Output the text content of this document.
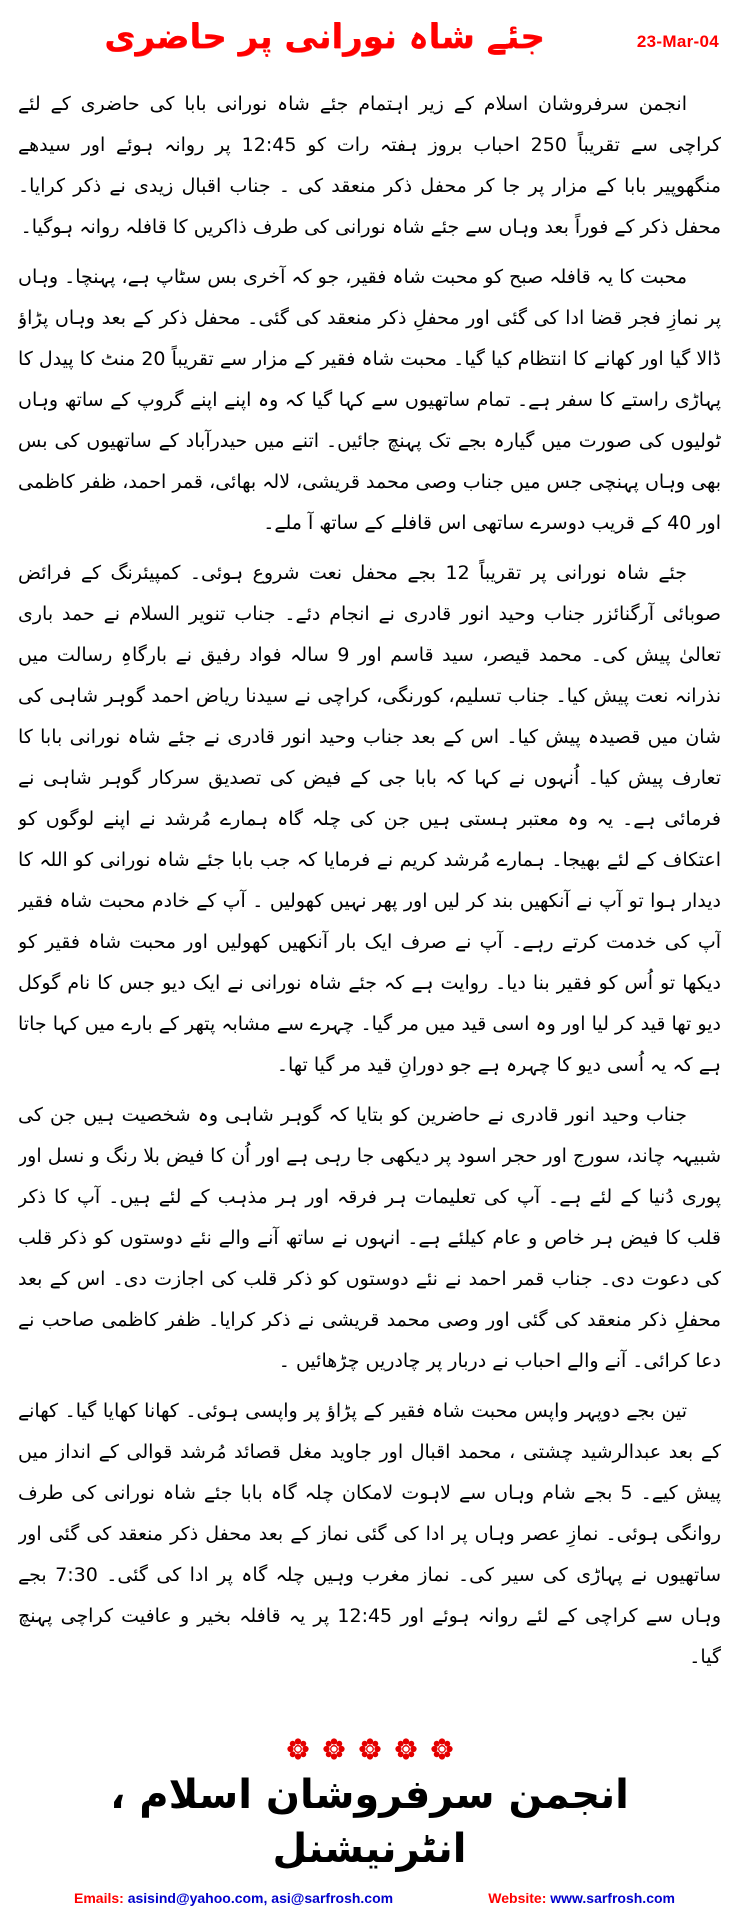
جئے شاہ نورانی پر حاضری	23-Mar-04

انجمن سرفروشان اسلام کے زیر اہتمام جئے شاہ نورانی بابا کی حاضری کے لئے کراچی سے تقریباً 250 احباب بروز ہفتہ رات کو 12:45 پر روانہ ہوئے اور سیدھے منگھوپیر بابا کے مزار پر جا کر محفل ذکر منعقد کی ۔ جناب اقبال زیدی نے ذکر کرایا۔ محفل ذکر کے فوراً بعد وہاں سے جئے شاہ نورانی کی طرف ذاکریں کا قافلہ روانہ ہوگیا۔

محبت کا یہ قافلہ صبح کو محبت شاہ فقیر، جو کہ آخری بس سٹاپ ہے، پہنچا۔ وہاں پر نمازِ فجر قضا ادا کی گئی اور محفلِ ذکر منعقد کی گئی۔ محفل ذکر کے بعد وہاں پڑاؤ ڈالا گیا اور کھانے کا انتظام کیا گیا۔ محبت شاہ فقیر کے مزار سے تقریباً 20 منٹ کا پیدل کا پہاڑی راستے کا سفر ہے۔ تمام ساتھیوں سے کہا گیا کہ وہ اپنے اپنے گروپ کے ساتھ وہاں ٹولیوں کی صورت میں گیارہ بجے تک پہنچ جائیں۔ اتنے میں حیدرآباد کے ساتھیوں کی بس بھی وہاں پہنچی جس میں جناب وصی محمد قریشی، لالہ بھائی، قمر احمد، ظفر کاظمی اور 40 کے قریب دوسرے ساتھی اس قافلے کے ساتھ آ ملے۔

جئے شاہ نورانی پر تقریباً 12 بجے محفل نعت شروع ہوئی۔ کمپیئرنگ کے فرائض صوبائی آرگنائزر جناب وحید انور قادری نے انجام دئے۔ جناب تنویر السلام نے حمد باری تعالیٰ پیش کی۔ محمد قیصر، سید قاسم اور 9 سالہ فواد رفیق نے بارگاہِ رسالت میں نذرانہ نعت پیش کیا۔ جناب تسلیم، کورنگی، کراچی نے سیدنا ریاض احمد گوہر شاہی کی شان میں قصیدہ پیش کیا۔ اس کے بعد جناب وحید انور قادری نے جئے شاہ نورانی بابا کا تعارف پیش کیا۔ اُنہوں نے کہا کہ بابا جی کے فیض کی تصدیق سرکار گوہر شاہی نے فرمائی ہے۔ یہ وہ معتبر ہستی ہیں جن کی چلہ گاہ ہمارے مُرشد نے اپنے لوگوں کو اعتکاف کے لئے بھیجا۔ ہمارے مُرشد کریم نے فرمایا کہ جب بابا جئے شاہ نورانی کو اللہ کا دیدار ہوا تو آپ نے آنکھیں بند کر لیں اور پھر نہیں کھولیں ۔ آپ کے خادم محبت شاہ فقیر آپ کی خدمت کرتے رہے۔ آپ نے صرف ایک بار آنکھیں کھولیں اور محبت شاہ فقیر کو دیکھا تو اُس کو فقیر بنا دیا۔ روایت ہے کہ جئے شاہ نورانی نے ایک دیو جس کا نام گوکل دیو تھا قید کر لیا اور وہ اسی قید میں مر گیا۔ چہرے سے مشابہ پتھر کے بارے میں کہا جاتا ہے کہ یہ اُسی دیو کا چہرہ ہے جو دورانِ قید مر گیا تھا۔

جناب وحید انور قادری نے حاضرین کو بتایا کہ گوہر شاہی وہ شخصیت ہیں جن کی شبیہہ چاند، سورج اور حجر اسود پر دیکھی جا رہی ہے اور اُن کا فیض بلا رنگ و نسل اور پوری دُنیا کے لئے ہے۔ آپ کی تعلیمات ہر فرقہ اور ہر مذہب کے لئے ہیں۔ آپ کا ذکر قلب کا فیض ہر خاص و عام کیلئے ہے۔ انہوں نے ساتھ آنے والے نئے دوستوں کو ذکر قلب کی دعوت دی۔ جناب قمر احمد نے نئے دوستوں کو ذکر قلب کی اجازت دی۔ اس کے بعد محفلِ ذکر منعقد کی گئی اور وصی محمد قریشی نے ذکر کرایا۔ ظفر کاظمی صاحب نے دعا کرائی۔ آنے والے احباب نے دربار پر چادریں چڑھائیں ۔

تین بجے دوپہر واپس محبت شاہ فقیر کے پڑاؤ پر واپسی ہوئی۔ کھانا کھایا گیا۔ کھانے کے بعد عبدالرشید چشتی ، محمد اقبال اور جاوید مغل قصائد مُرشد قوالی کے انداز میں پیش کیے۔ 5 بجے شام وہاں سے لاہوت لامکان چلہ گاہ بابا جئے شاہ نورانی کی طرف روانگی ہوئی۔ نمازِ عصر وہاں پر ادا کی گئی نماز کے بعد محفل ذکر منعقد کی گئی اور ساتھیوں نے پہاڑی کی سیر کی۔ نماز مغرب وہیں چلہ گاہ پر ادا کی گئی۔ 7:30 بجے وہاں سے کراچی کے لئے روانہ ہوئے اور 12:45 پر یہ قافلہ بخیر و عافیت کراچی پہنچ گیا۔

انجمن سرفروشان اسلام ، انٹرنیشنل
Emails: asisind@yahoo.com, asi@sarfrosh.com	Website: www.sarfrosh.com
